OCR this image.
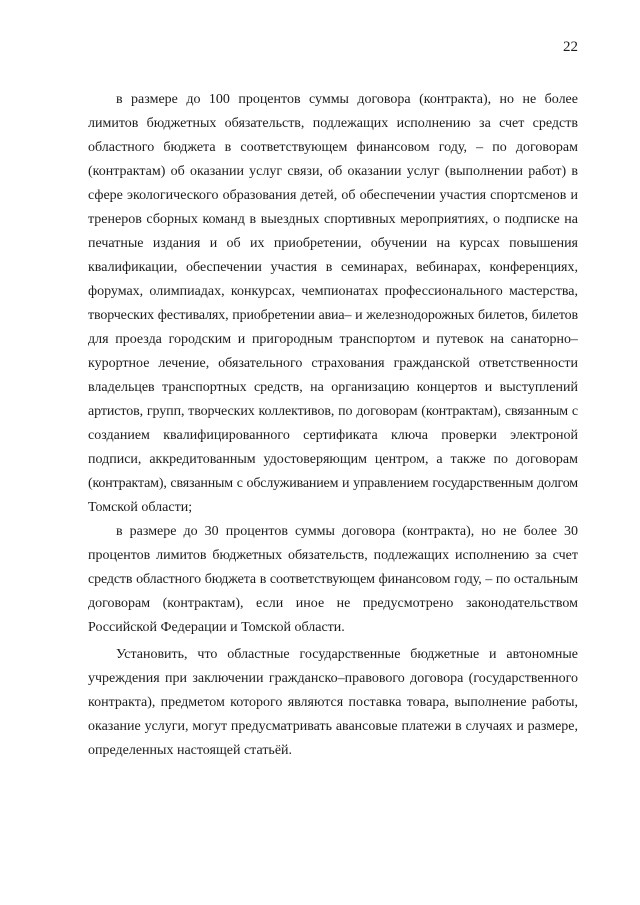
22
в размере до 100 процентов суммы договора (контракта), но не более
лимитов бюджетных обязательств, подлежащих исполнению за счет средств
областного бюджета в соответствующем финансовом году, – по договорам
(контрактам) об оказании услуг связи, об оказании услуг (выполнении работ) в
сфере экологического образования детей, об обеспечении участия спортсменов и
тренеров сборных команд в выездных спортивных мероприятиях, о подписке на
печатные издания и об их приобретении, обучении на курсах повышения
квалификации, обеспечении участия в семинарах, вебинарах, конференциях,
форумах, олимпиадах, конкурсах, чемпионатах профессионального мастерства,
творческих фестивалях, приобретении авиа– и железнодорожных билетов, билетов
для проезда городским и пригородным транспортом и путевок на санаторно–
курортное лечение, обязательного страхования гражданской ответственности
владельцев транспортных средств, на организацию концертов и выступлений
артистов, групп, творческих коллективов, по договорам (контрактам), связанным с
созданием квалифицированного сертификата ключа проверки электроной
подписи, аккредитованным удостоверяющим центром, а также по договорам
(контрактам), связанным с обслуживанием и управлением государственным долгом
Томской области;
в размере до 30 процентов суммы договора (контракта), но не более 30
процентов лимитов бюджетных обязательств, подлежащих исполнению за счет
средств областного бюджета в соответствующем финансовом году, – по остальным
договорам (контрактам), если иное не предусмотрено законодательством
Российской Федерации и Томской области.
Установить, что областные государственные бюджетные и автономные
учреждения при заключении гражданско–правового договора (государственного
контракта), предметом которого являются поставка товара, выполнение работы,
оказание услуги, могут предусматривать авансовые платежи в случаях и размере,
определенных настоящей статьёй.
